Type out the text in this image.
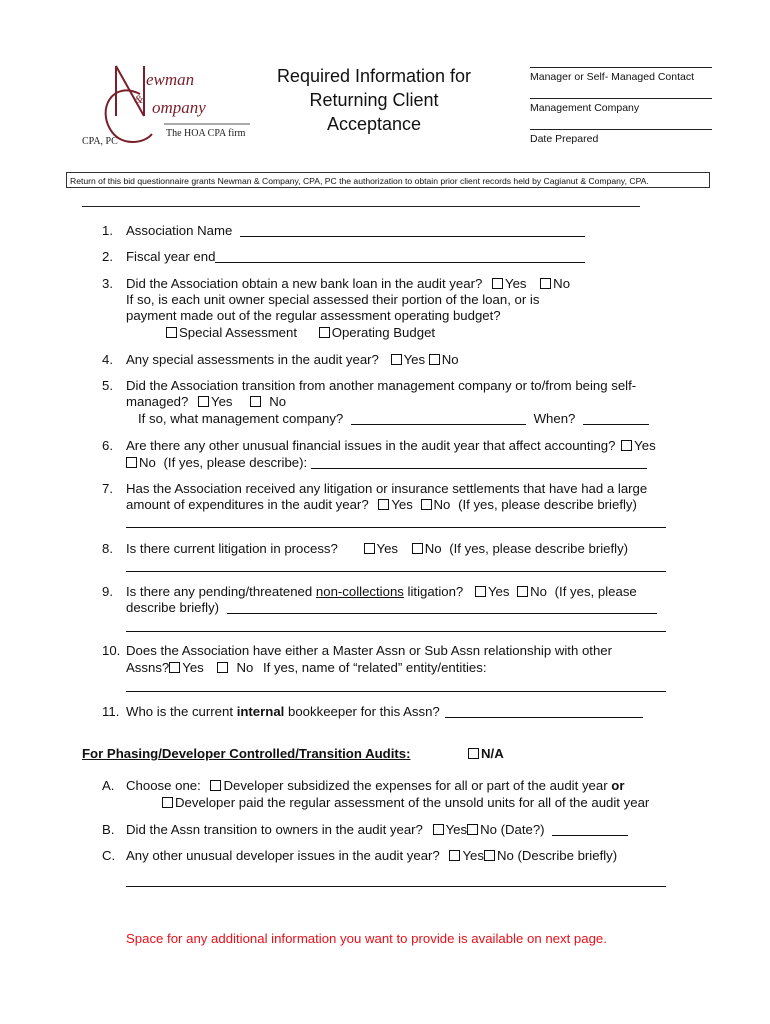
ewman
ompany
&
CPA, PC
The HOA CPA firm
Required Information for
Returning Client
Acceptance
Manager or Self- Managed Contact
Management Company
Date Prepared
Return of this bid questionnaire grants Newman & Company, CPA, PC the authorization to obtain prior client records held by Cagianut & Company, CPA.
1. Association Name
2. Fiscal year end
3. Did the Association obtain a new bank loan in the audit year? Yes No
If so, is each unit owner special assessed their portion of the loan, or is
payment made out of the regular assessment operating budget?
Special Assessment	Operating Budget
4. Any special assessments in the audit year? Yes No
5. Did the Association transition from another management company or to/from being self-
managed? Yes	No
If so, what management company?	When?
6. Are there any other unusual financial issues in the audit year that affect accounting? Yes
No (If yes, please describe):
7. Has the Association received any litigation or insurance settlements that have had a large
amount of expenditures in the audit year? Yes No (If yes, please describe briefly)
8. Is there current litigation in process?	Yes No (If yes, please describe briefly)
9. Is there any pending/threatened non-collections litigation? Yes No (If yes, please
describe briefly)
10. Does the Association have either a Master Assn or Sub Assn relationship with other
Assns? Yes No If yes, name of “related” entity/entities:
11. Who is the current internal bookkeeper for this Assn?
For Phasing/Developer Controlled/Transition Audits:	N/A
A. Choose one: Developer subsidized the expenses for all or part of the audit year or
Developer paid the regular assessment of the unsold units for all of the audit year
B. Did the Assn transition to owners in the audit year? Yes No (Date?)
C. Any other unusual developer issues in the audit year? Yes No (Describe briefly)
Space for any additional information you want to provide is available on next page.
